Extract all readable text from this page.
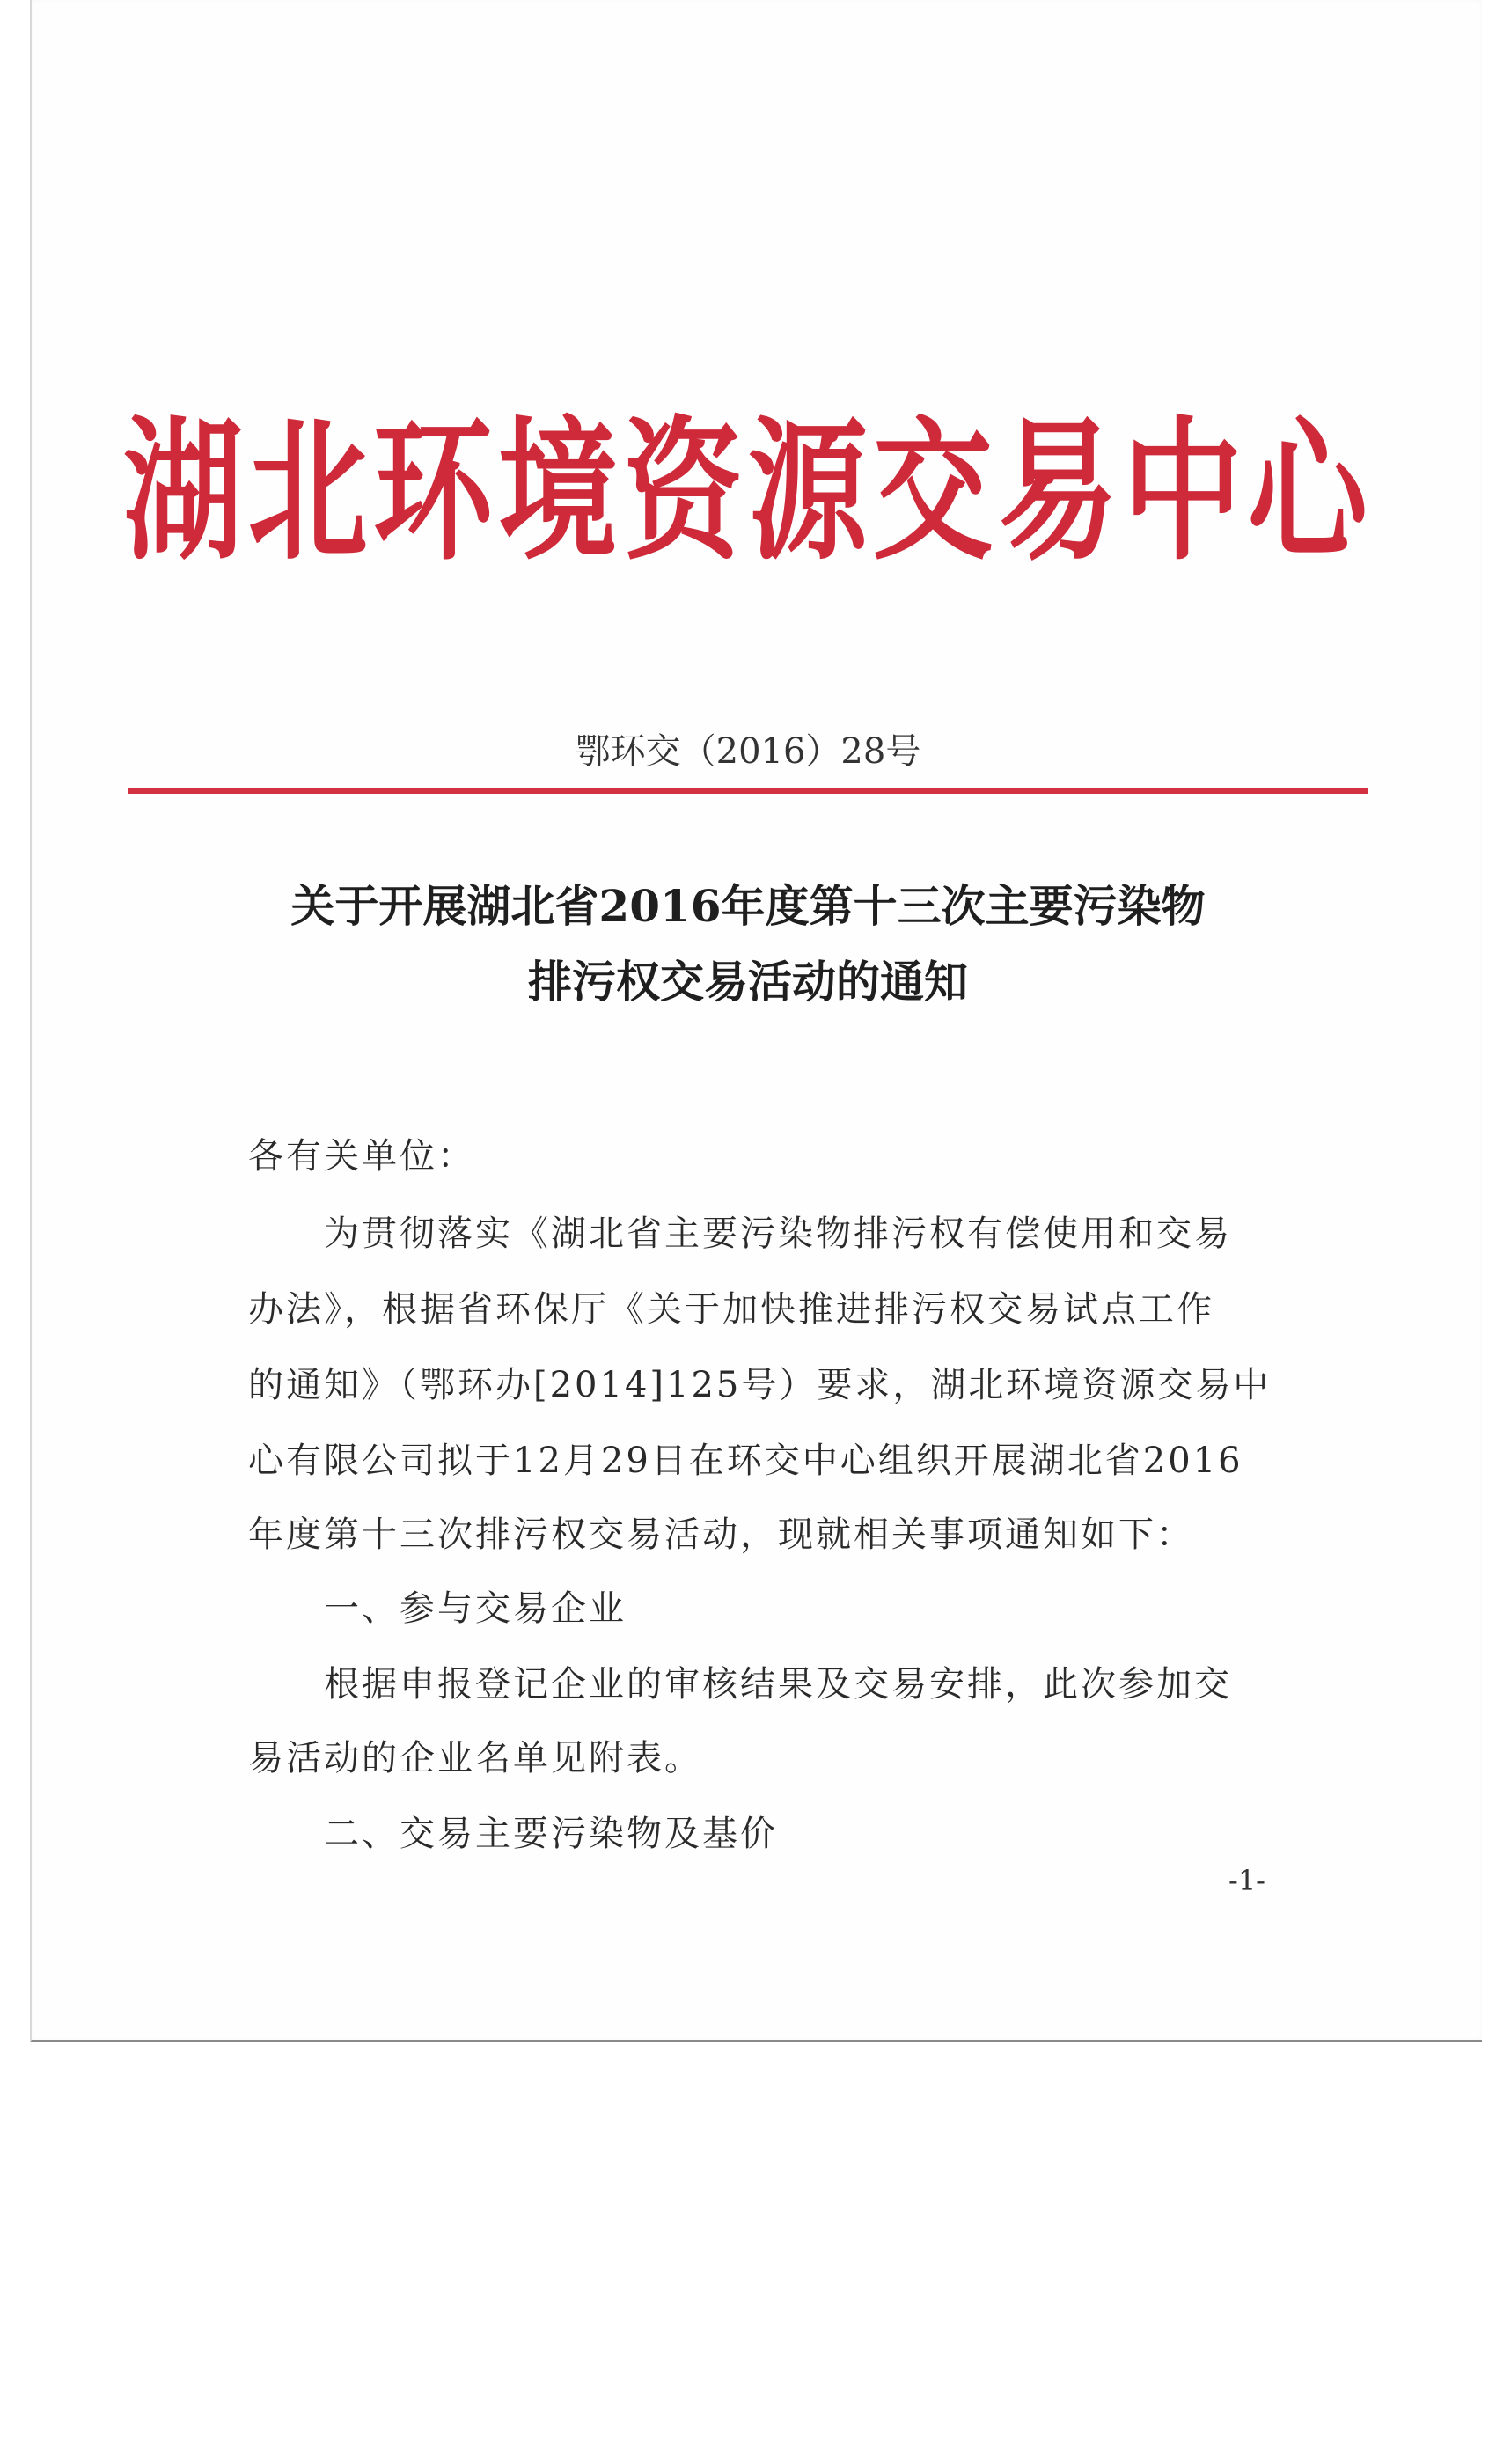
湖北环境资源交易中心
鄂环交（2016）28号
关于开展湖北省2016年度第十三次主要污染物
排污权交易活动的通知

各有关单位：

为贯彻落实《湖北省主要污染物排污权有偿使用和交易

办法》，根据省环保厅《关于加快推进排污权交易试点工作

的通知》（鄂环办[2014]125号）要求，湖北环境资源交易中

心有限公司拟于12月29日在环交中心组织开展湖北省2016

年度第十三次排污权交易活动，现就相关事项通知如下：

一、参与交易企业

根据申报登记企业的审核结果及交易安排，此次参加交

易活动的企业名单见附表。

二、交易主要污染物及基价

-1-
